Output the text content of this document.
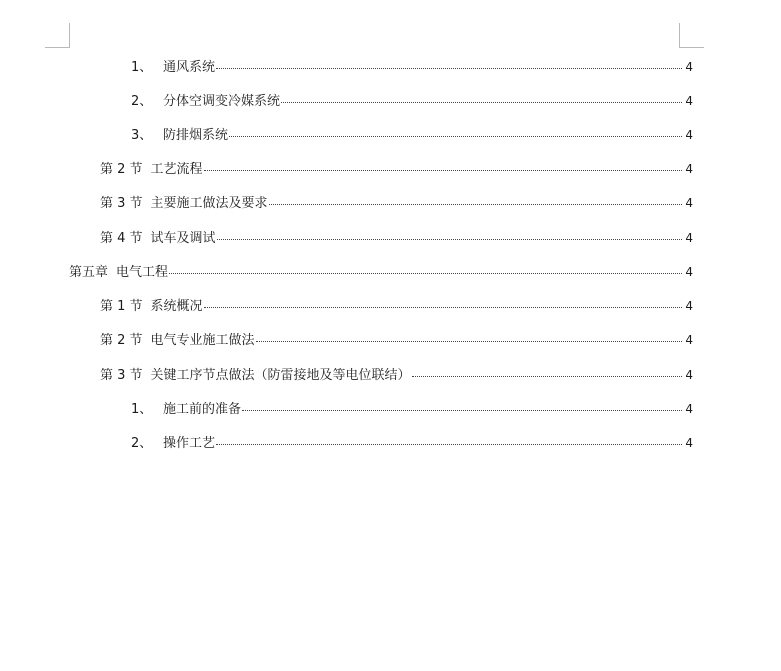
1、 通风系统	4
2、 分体空调变冷媒系统	4
3、 防排烟系统	4
第 2 节 工艺流程	4
第 3 节 主要施工做法及要求	4
第 4 节 试车及调试	4
第五章 电气工程	4
第 1 节 系统概况	4
第 2 节 电气专业施工做法	4
第 3 节 关键工序节点做法（防雷接地及等电位联结）	4
1、 施工前的准备	4
2、 操作工艺	4
